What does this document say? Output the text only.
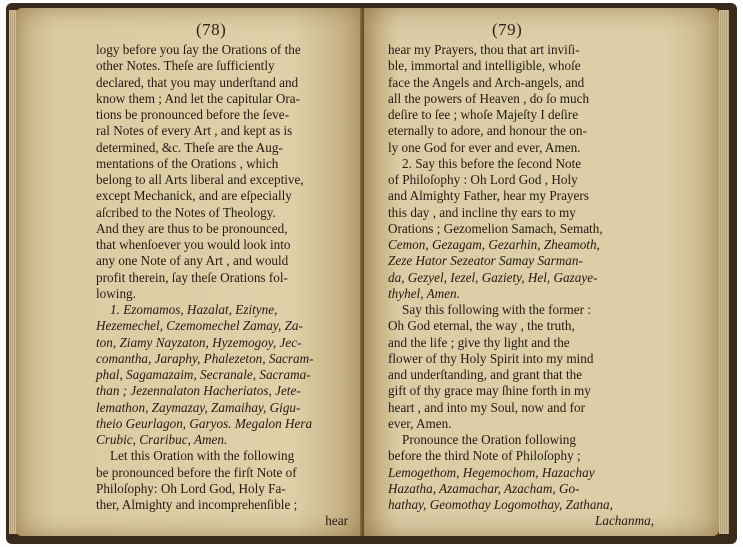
(78)
logy before you ſay the Orations of the
other Notes. Theſe are ſufficiently
declared, that you may underſtand and
know them ; And let the capitular Ora-
tions be pronounced before the ſeve-
ral Notes of every Art , and kept as is
determined, &c. Theſe are the Aug-
mentations of the Orations , which
belong to all Arts liberal and exceptive,
except Mechanick, and are eſpecially
aſcribed to the Notes of Theology.
And they are thus to be pronounced,
that whenſoever you would look into
any one Note of any Art , and would
profit therein, ſay theſe Orations fol-
lowing.
1. Ezomamos, Hazalat, Ezityne,
Hezemechel, Czemomechel Zamay, Za-
ton, Ziamy Nayzaton, Hyzemogoy, Jec-
comantha, Jaraphy, Phalezeton, Sacram-
phal, Sagamazaim, Secranale, Sacrama-
than ; Jezennalaton Hacheriatos, Jete-
lemathon, Zaymazay, Zamaihay, Gigu-
theio Geurlagon, Garyos. Megalon Hera
Crubic, Craribuc, Amen.
Let this Oration with the following
be pronounced before the firſt Note of
Philoſophy: Oh Lord God, Holy Fa-
ther, Almighty and incomprehenſible ;
hear
(79)
hear my Prayers, thou that art inviſi-
ble, immortal and intelligible, whoſe
face the Angels and Arch-angels, and
all the powers of Heaven , do ſo much
deſire to ſee ; whoſe Majeſty I deſire
eternally to adore, and honour the on-
ly one God for ever and ever, Amen.
2. Say this before the ſecond Note
of Philoſophy : Oh Lord God , Holy
and Almighty Father, hear my Prayers
this day , and incline thy ears to my
Orations ; Gezomelion Samach, Semath,
Cemon, Gezagam, Gezarhin, Zheamoth,
Zeze Hator Sezeator Samay Sarman-
da, Gezyel, Iezel, Gaziety, Hel, Gazaye-
thyhel, Amen.
Say this following with the former :
Oh God eternal, the way , the truth,
and the life ; give thy light and the
flower of thy Holy Spirit into my mind
and underſtanding, and grant that the
gift of thy grace may ſhine forth in my
heart , and into my Soul, now and for
ever, Amen.
Pronounce the Oration following
before the third Note of Philoſophy ;
Lemogethom, Hegemochom, Hazachay
Hazatha, Azamachar, Azacham, Go-
hathay, Geomothay Logomothay, Zathana,
Lachanma,
